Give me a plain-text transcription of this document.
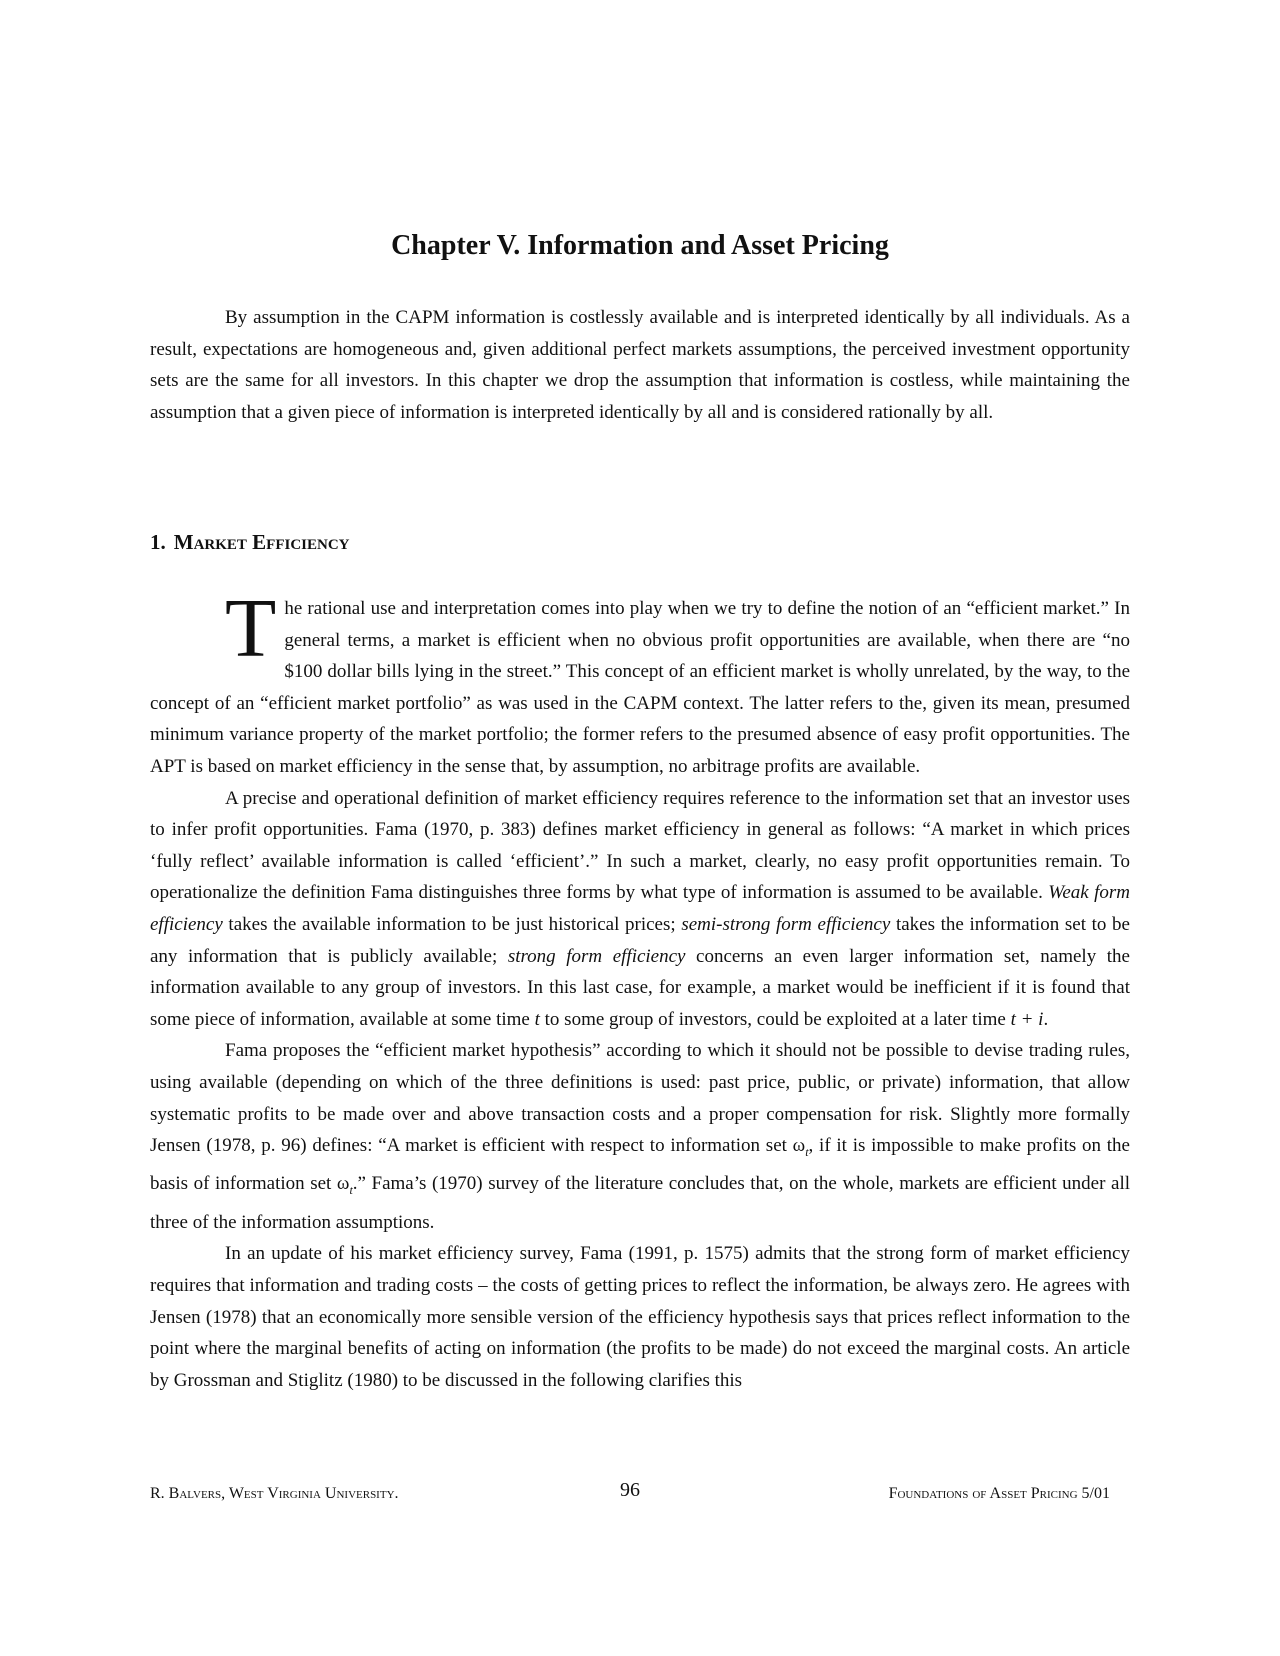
Chapter V. Information and Asset Pricing

By assumption in the CAPM information is costlessly available and is interpreted identically by all individuals. As a result, expectations are homogeneous and, given additional perfect markets assumptions, the perceived investment opportunity sets are the same for all investors. In this chapter we drop the assumption that information is costless, while maintaining the assumption that a given piece of information is interpreted identically by all and is considered rationally by all.

1. Market Efficiency

The rational use and interpretation comes into play when we try to define the notion of an “efficient market.” In general terms, a market is efficient when no obvious profit opportunities are available, when there are “no $100 dollar bills lying in the street.” This concept of an efficient market is wholly unrelated, by the way, to the concept of an “efficient market portfolio” as was used in the CAPM context. The latter refers to the, given its mean, presumed minimum variance property of the market portfolio; the former refers to the presumed absence of easy profit opportunities. The APT is based on market efficiency in the sense that, by assumption, no arbitrage profits are available.

A precise and operational definition of market efficiency requires reference to the information set that an investor uses to infer profit opportunities. Fama (1970, p. 383) defines market efficiency in general as follows: “A market in which prices ‘fully reflect’ available information is called ‘efficient’.” In such a market, clearly, no easy profit opportunities remain. To operationalize the definition Fama distinguishes three forms by what type of information is assumed to be available. Weak form efficiency takes the available information to be just historical prices; semi-strong form efficiency takes the information set to be any information that is publicly available; strong form efficiency concerns an even larger information set, namely the information available to any group of investors. In this last case, for example, a market would be inefficient if it is found that some piece of information, available at some time t to some group of investors, could be exploited at a later time t + i.

Fama proposes the “efficient market hypothesis” according to which it should not be possible to devise trading rules, using available (depending on which of the three definitions is used: past price, public, or private) information, that allow systematic profits to be made over and above transaction costs and a proper compensation for risk. Slightly more formally Jensen (1978, p. 96) defines: “A market is efficient with respect to information set $\omega_t$, if it is impossible to make profits on the basis of information set $\omega_t$.” Fama’s (1970) survey of the literature concludes that, on the whole, markets are efficient under all three of the information assumptions.

In an update of his market efficiency survey, Fama (1991, p. 1575) admits that the strong form of market efficiency requires that information and trading costs – the costs of getting prices to reflect the information, be always zero. He agrees with Jensen (1978) that an economically more sensible version of the efficiency hypothesis says that prices reflect information to the point where the marginal benefits of acting on information (the profits to be made) do not exceed the marginal costs. An article by Grossman and Stiglitz (1980) to be discussed in the following clarifies this

R. Balvers, West Virginia University.	96	Foundations of Asset Pricing 5/01
